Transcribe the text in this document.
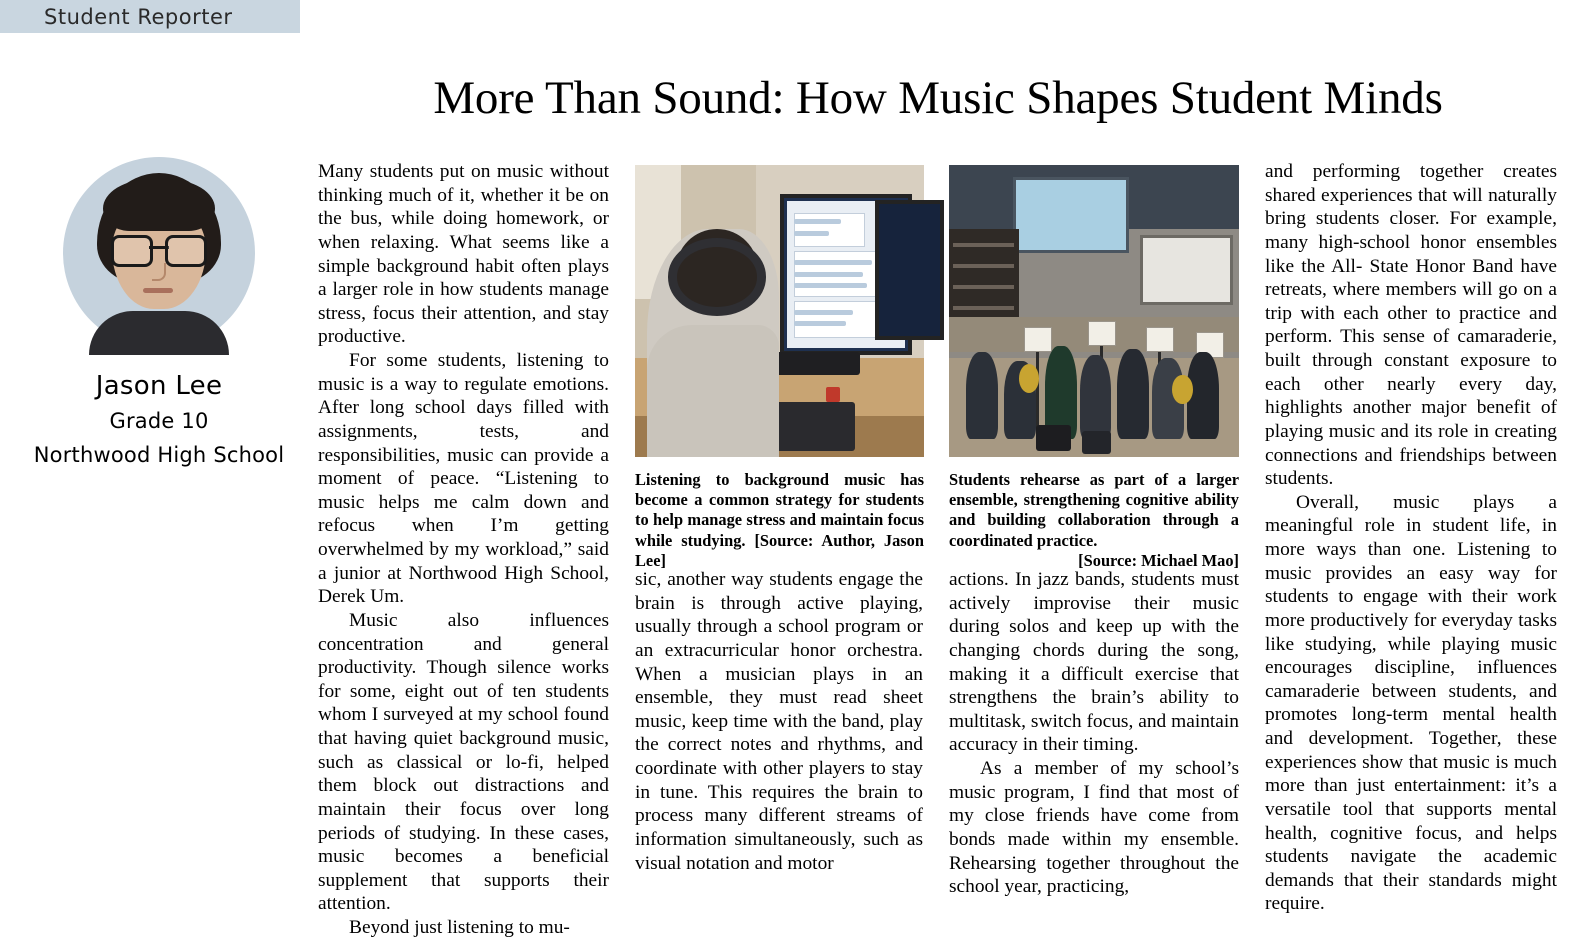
Student Reporter
More Than Sound: How Music Shapes Student Minds
Jason Lee
Grade 10
Northwood High School

Many students put on music without thinking much of it, whether it be on the bus, while doing homework, or when relaxing. What seems like a simple background habit often plays a larger role in how students manage stress, focus their attention, and stay productive.

For some students, listening to music is a way to regulate emotions. After long school days filled with assignments, tests, and responsibilities, music can provide a moment of peace. “Listening to music helps me calm down and refocus when I’m getting overwhelmed by my workload,” said a junior at Northwood High School, Derek Um.

Music also influences concentration and general productivity. Though silence works for some, eight out of ten students whom I surveyed at my school found that having quiet background music, such as classical or lo-fi, helped them block out distractions and maintain their focus over long periods of studying. In these cases, music becomes a beneficial supplement that supports their attention.

Beyond just listening to mu-

Listening to background music has become a common strategy for students to help manage stress and maintain focus while studying. [Source: Author, Jason Lee]
Students rehearse as part of a larger ensemble, strengthening cognitive ability and building collaboration through a coordinated practice.
[Source: Michael Mao]

sic, another way students engage the brain is through active playing, usually through a school program or an extracurricular honor orchestra. When a musician plays in an ensemble, they must read sheet music, keep time with the band, play the correct notes and rhythms, and coordinate with other players to stay in tune. This requires the brain to process many different streams of information simultaneously, such as visual notation and motor

actions. In jazz bands, students must actively improvise their music during solos and keep up with the changing chords during the song, making it a difficult exercise that strengthens the brain’s ability to multitask, switch focus, and maintain accuracy in their timing.

As a member of my school’s music program, I find that most of my close friends have come from bonds made within my ensemble. Rehearsing together throughout the school year, practicing,

and performing together creates shared experiences that will naturally bring students closer. For example, many high-school honor ensembles like the All- State Honor Band have retreats, where members will go on a trip with each other to practice and perform. This sense of camaraderie, built through constant exposure to each other nearly every day, highlights another major benefit of playing music and its role in creating connections and friendships between students.

Overall, music plays a meaningful role in student life, in more ways than one. Listening to music provides an easy way for students to engage with their work more productively for everyday tasks like studying, while playing music encourages discipline, influences camaraderie between students, and promotes long-term mental health and development. Together, these experiences show that music is much more than just entertainment: it’s a versatile tool that supports mental health, cognitive focus, and helps students navigate the academic demands that their standards might require.
